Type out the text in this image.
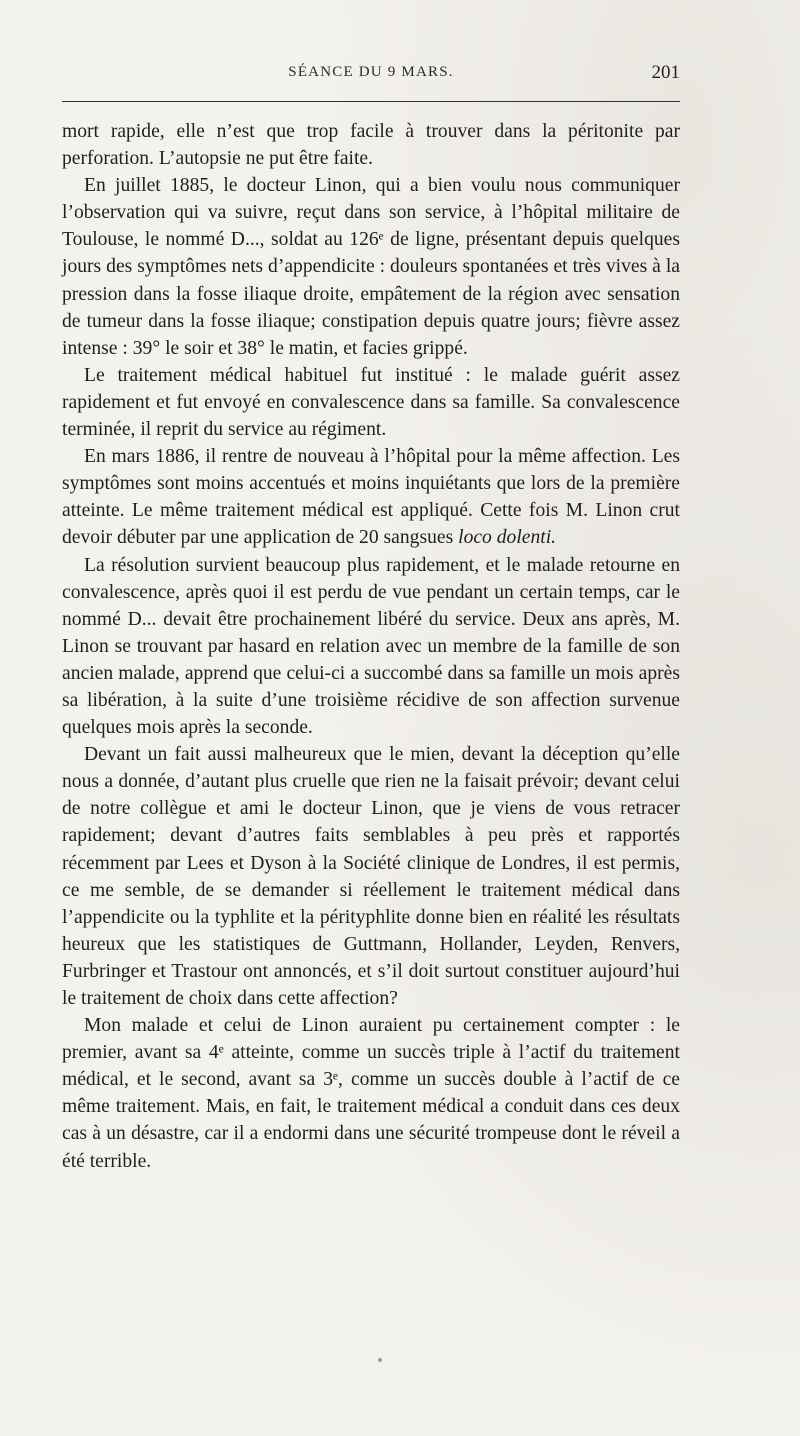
SÉANCE DU 9 MARS.	201

mort rapide, elle n’est que trop facile à trouver dans la péritonite par perforation. L’autopsie ne put être faite.

En juillet 1885, le docteur Linon, qui a bien voulu nous communiquer l’observation qui va suivre, reçut dans son service, à l’hôpital militaire de Toulouse, le nommé D..., soldat au 126ᵉ de ligne, présentant depuis quelques jours des symptômes nets d’appendicite : douleurs spontanées et très vives à la pression dans la fosse iliaque droite, empâtement de la région avec sensation de tumeur dans la fosse iliaque; constipation depuis quatre jours; fièvre assez intense : 39° le soir et 38° le matin, et facies grippé.

Le traitement médical habituel fut institué : le malade guérit assez rapidement et fut envoyé en convalescence dans sa famille. Sa convalescence terminée, il reprit du service au régiment.

En mars 1886, il rentre de nouveau à l’hôpital pour la même affection. Les symptômes sont moins accentués et moins inquiétants que lors de la première atteinte. Le même traitement médical est appliqué. Cette fois M. Linon crut devoir débuter par une application de 20 sangsues loco dolenti.

La résolution survient beaucoup plus rapidement, et le malade retourne en convalescence, après quoi il est perdu de vue pendant un certain temps, car le nommé D... devait être prochainement libéré du service. Deux ans après, M. Linon se trouvant par hasard en relation avec un membre de la famille de son ancien malade, apprend que celui-ci a succombé dans sa famille un mois après sa libération, à la suite d’une troisième récidive de son affection survenue quelques mois après la seconde.

Devant un fait aussi malheureux que le mien, devant la déception qu’elle nous a donnée, d’autant plus cruelle que rien ne la faisait prévoir; devant celui de notre collègue et ami le docteur Linon, que je viens de vous retracer rapidement; devant d’autres faits semblables à peu près et rapportés récemment par Lees et Dyson à la Société clinique de Londres, il est permis, ce me semble, de se demander si réellement le traitement médical dans l’appendicite ou la typhlite et la pérityphlite donne bien en réalité les résultats heureux que les statistiques de Guttmann, Hollander, Leyden, Renvers, Furbringer et Trastour ont annoncés, et s’il doit surtout constituer aujourd’hui le traitement de choix dans cette affection?

Mon malade et celui de Linon auraient pu certainement compter : le premier, avant sa 4ᵉ atteinte, comme un succès triple à l’actif du traitement médical, et le second, avant sa 3ᵉ, comme un succès double à l’actif de ce même traitement. Mais, en fait, le traitement médical a conduit dans ces deux cas à un désastre, car il a endormi dans une sécurité trompeuse dont le réveil a été terrible.
